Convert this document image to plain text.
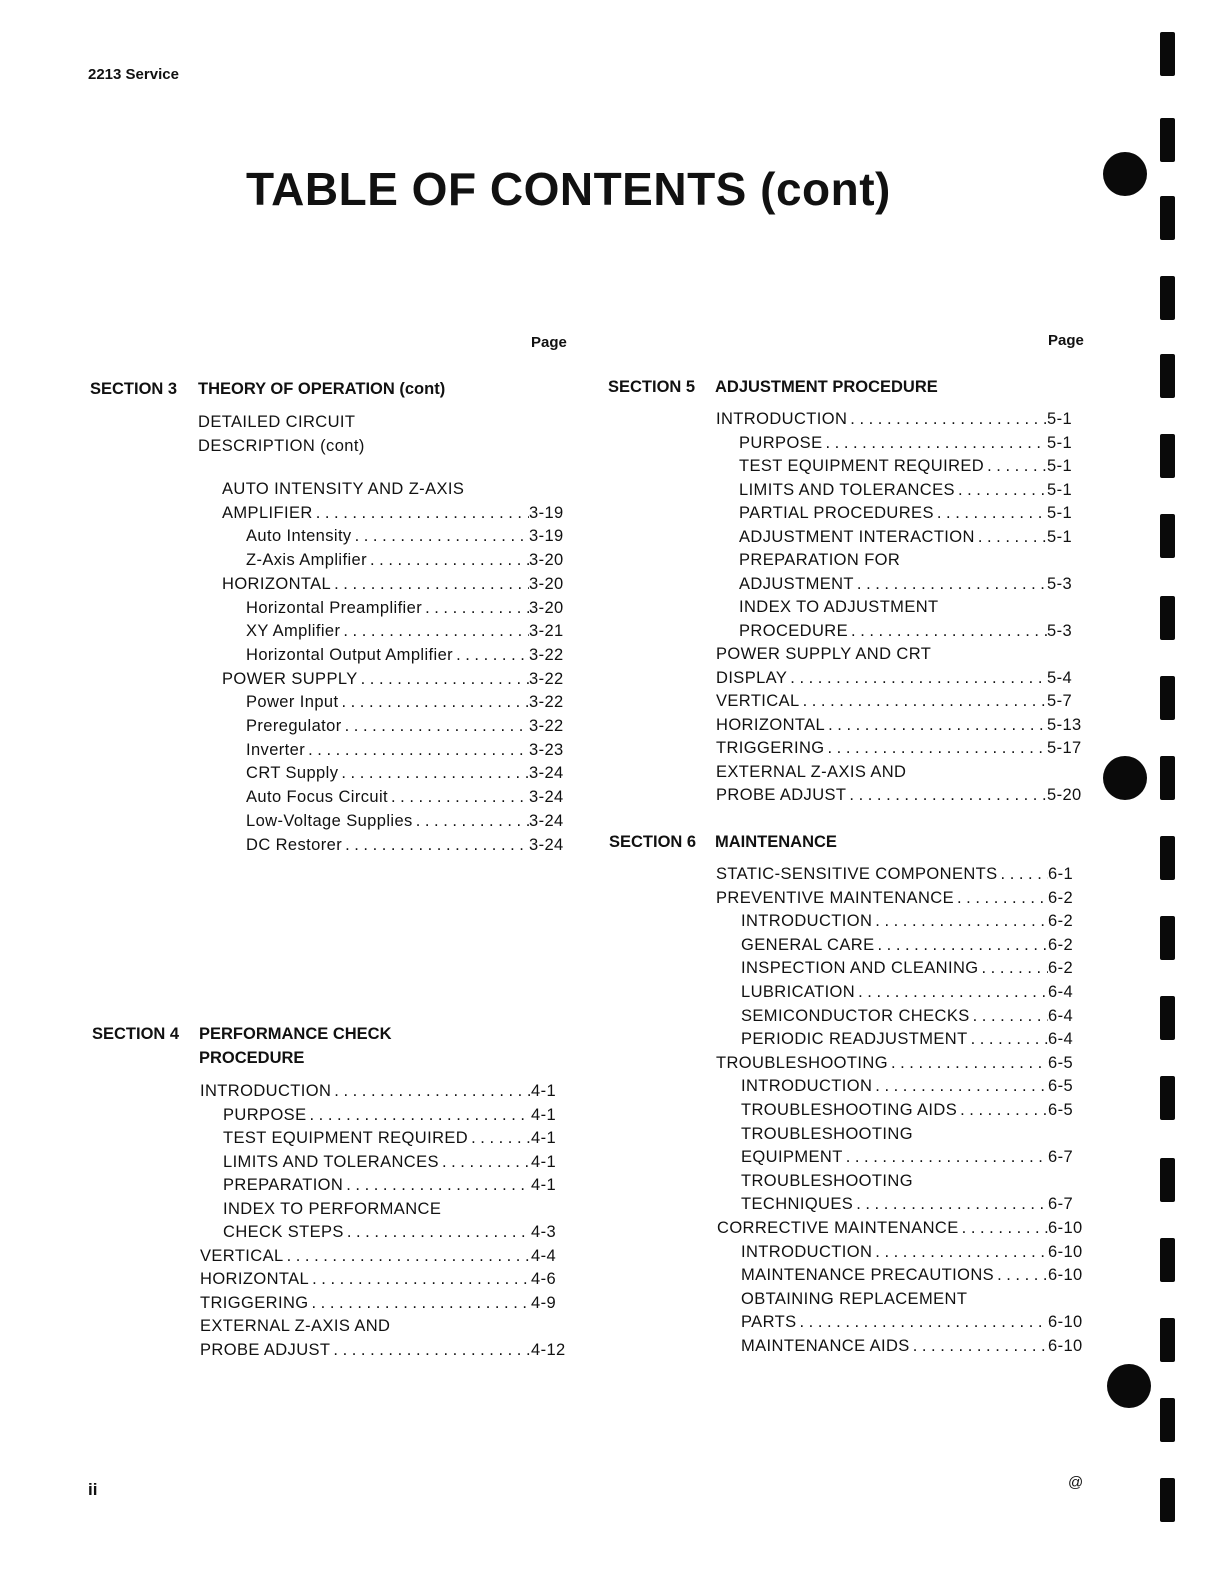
2213 Service
TABLE OF CONTENTS (cont)
Page	Page
SECTION 3 THEORY OF OPERATION (cont)
DETAILED CIRCUIT
DESCRIPTION (cont)
AUTO INTENSITY AND Z-AXIS
AMPLIFIER . . .	3-19
Auto Intensity . . .	3-19
Z-Axis Amplifier . . .	3-20
HORIZONTAL . . .	3-20
Horizontal Preamplifier . . .	3-20
XY Amplifier . . .	3-21
Horizontal Output Amplifier . . .	3-22
POWER SUPPLY . . .	3-22
Power Input . . .	3-22
Preregulator . . .	3-22
Inverter . . .	3-23
CRT Supply . . .	3-24
Auto Focus Circuit . . .	3-24
Low-Voltage Supplies . . .	3-24
DC Restorer . . .	3-24
SECTION 4 PERFORMANCE CHECK
PROCEDURE
INTRODUCTION . . .	4-1
PURPOSE . . .	4-1
TEST EQUIPMENT REQUIRED . . .	4-1
LIMITS AND TOLERANCES . . .	4-1
PREPARATION . . .	4-1
INDEX TO PERFORMANCE
CHECK STEPS . . .	4-3
VERTICAL . . .	4-4
HORIZONTAL . . .	4-6
TRIGGERING . . .	4-9
EXTERNAL Z-AXIS AND
PROBE ADJUST . . .	4-12
SECTION 5 ADJUSTMENT PROCEDURE
INTRODUCTION . . .	5-1
PURPOSE . . .	5-1
TEST EQUIPMENT REQUIRED . . .	5-1
LIMITS AND TOLERANCES . . .	5-1
PARTIAL PROCEDURES . . .	5-1
ADJUSTMENT INTERACTION . . .	5-1
PREPARATION FOR
ADJUSTMENT . . .	5-3
INDEX TO ADJUSTMENT
PROCEDURE . . .	5-3
POWER SUPPLY AND CRT
DISPLAY . . .	5-4
VERTICAL . . .	5-7
HORIZONTAL . . .	5-13
TRIGGERING . . .	5-17
EXTERNAL Z-AXIS AND
PROBE ADJUST . . .	5-20
SECTION 6 MAINTENANCE
STATIC-SENSITIVE COMPONENTS . . .	6-1
PREVENTIVE MAINTENANCE . . .	6-2
INTRODUCTION . . .	6-2
GENERAL CARE . . .	6-2
INSPECTION AND CLEANING . . .	6-2
LUBRICATION . . .	6-4
SEMICONDUCTOR CHECKS . . .	6-4
PERIODIC READJUSTMENT . . .	6-4
TROUBLESHOOTING . . .	6-5
INTRODUCTION . . .	6-5
TROUBLESHOOTING AIDS . . .	6-5
TROUBLESHOOTING
EQUIPMENT . . .	6-7
TROUBLESHOOTING
TECHNIQUES . . .	6-7
CORRECTIVE MAINTENANCE . . .	6-10
INTRODUCTION . . .	6-10
MAINTENANCE PRECAUTIONS . . .	6-10
OBTAINING REPLACEMENT
PARTS . . .	6-10
MAINTENANCE AIDS . . .	6-10
ii	@
